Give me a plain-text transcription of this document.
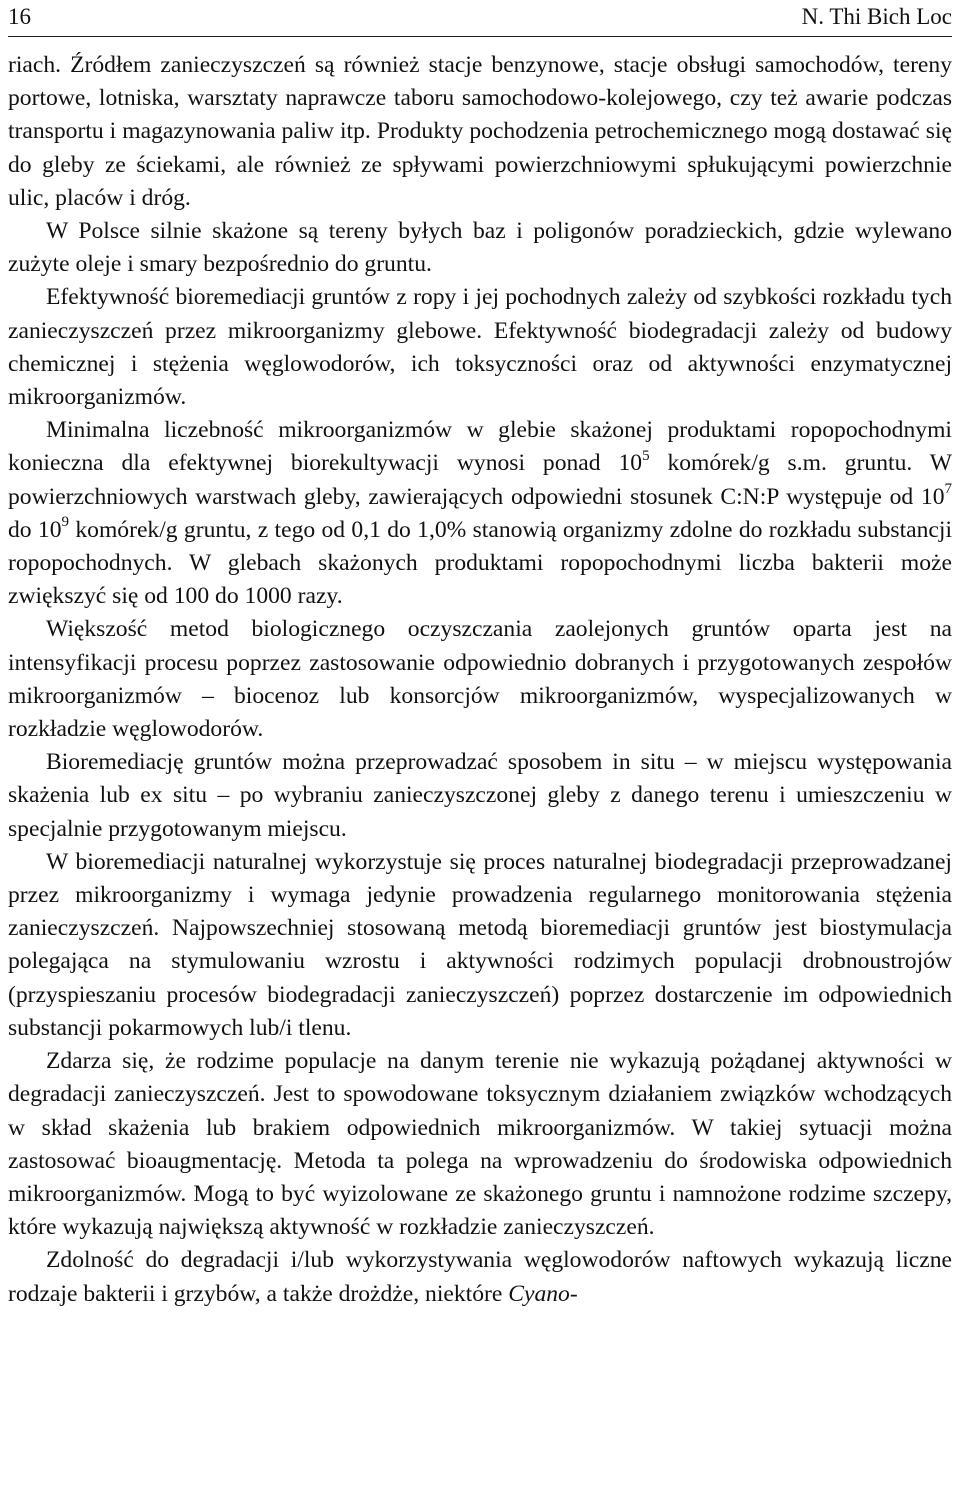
16	N. Thi Bich Loc

riach. Źródłem zanieczyszczeń są również stacje benzynowe, stacje obsługi samochodów, tereny portowe, lotniska, warsztaty naprawcze taboru samochodowo-kolejowego, czy też awarie podczas transportu i magazynowania paliw itp. Produkty pochodzenia petrochemicznego mogą dostawać się do gleby ze ściekami, ale również ze spływami powierzchniowymi spłukującymi powierzchnie ulic, placów i dróg.

W Polsce silnie skażone są tereny byłych baz i poligonów poradzieckich, gdzie wylewano zużyte oleje i smary bezpośrednio do gruntu.

Efektywność bioremediacji gruntów z ropy i jej pochodnych zależy od szybkości rozkładu tych zanieczyszczeń przez mikroorganizmy glebowe. Efektywność biodegradacji zależy od budowy chemicznej i stężenia węglowodorów, ich toksyczności oraz od aktywności enzymatycznej mikroorganizmów.

Minimalna liczebność mikroorganizmów w glebie skażonej produktami ropopochodnymi konieczna dla efektywnej biorekultywacji wynosi ponad $10^5$ komórek/g s.m. gruntu. W powierzchniowych warstwach gleby, zawierających odpowiedni stosunek C:N:P występuje od $10^7$ do $10^9$ komórek/g gruntu, z tego od 0,1 do 1,0% stanowią organizmy zdolne do rozkładu substancji ropopochodnych. W glebach skażonych produktami ropopochodnymi liczba bakterii może zwiększyć się od 100 do 1000 razy.

Większość metod biologicznego oczyszczania zaolejonych gruntów oparta jest na intensyfikacji procesu poprzez zastosowanie odpowiednio dobranych i przygotowanych zespołów mikroorganizmów – biocenoz lub konsorcjów mikroorganizmów, wyspecjalizowanych w rozkładzie węglowodorów.

Bioremediację gruntów można przeprowadzać sposobem in situ – w miejscu występowania skażenia lub ex situ – po wybraniu zanieczyszczonej gleby z danego terenu i umieszczeniu w specjalnie przygotowanym miejscu.

W bioremediacji naturalnej wykorzystuje się proces naturalnej biodegradacji przeprowadzanej przez mikroorganizmy i wymaga jedynie prowadzenia regularnego monitorowania stężenia zanieczyszczeń. Najpowszechniej stosowaną metodą bioremediacji gruntów jest biostymulacja polegająca na stymulowaniu wzrostu i aktywności rodzimych populacji drobnoustrojów (przyspieszaniu procesów biodegradacji zanieczyszczeń) poprzez dostarczenie im odpowiednich substancji pokarmowych lub/i tlenu.

Zdarza się, że rodzime populacje na danym terenie nie wykazują pożądanej aktywności w degradacji zanieczyszczeń. Jest to spowodowane toksycznym działaniem związków wchodzących w skład skażenia lub brakiem odpowiednich mikroorganizmów. W takiej sytuacji można zastosować bioaugmentację. Metoda ta polega na wprowadzeniu do środowiska odpowiednich mikroorganizmów. Mogą to być wyizolowane ze skażonego gruntu i namnożone rodzime szczepy, które wykazują największą aktywność w rozkładzie zanieczyszczeń.

Zdolność do degradacji i/lub wykorzystywania węglowodorów naftowych wykazują liczne rodzaje bakterii i grzybów, a także drożdże, niektóre Cyano-
